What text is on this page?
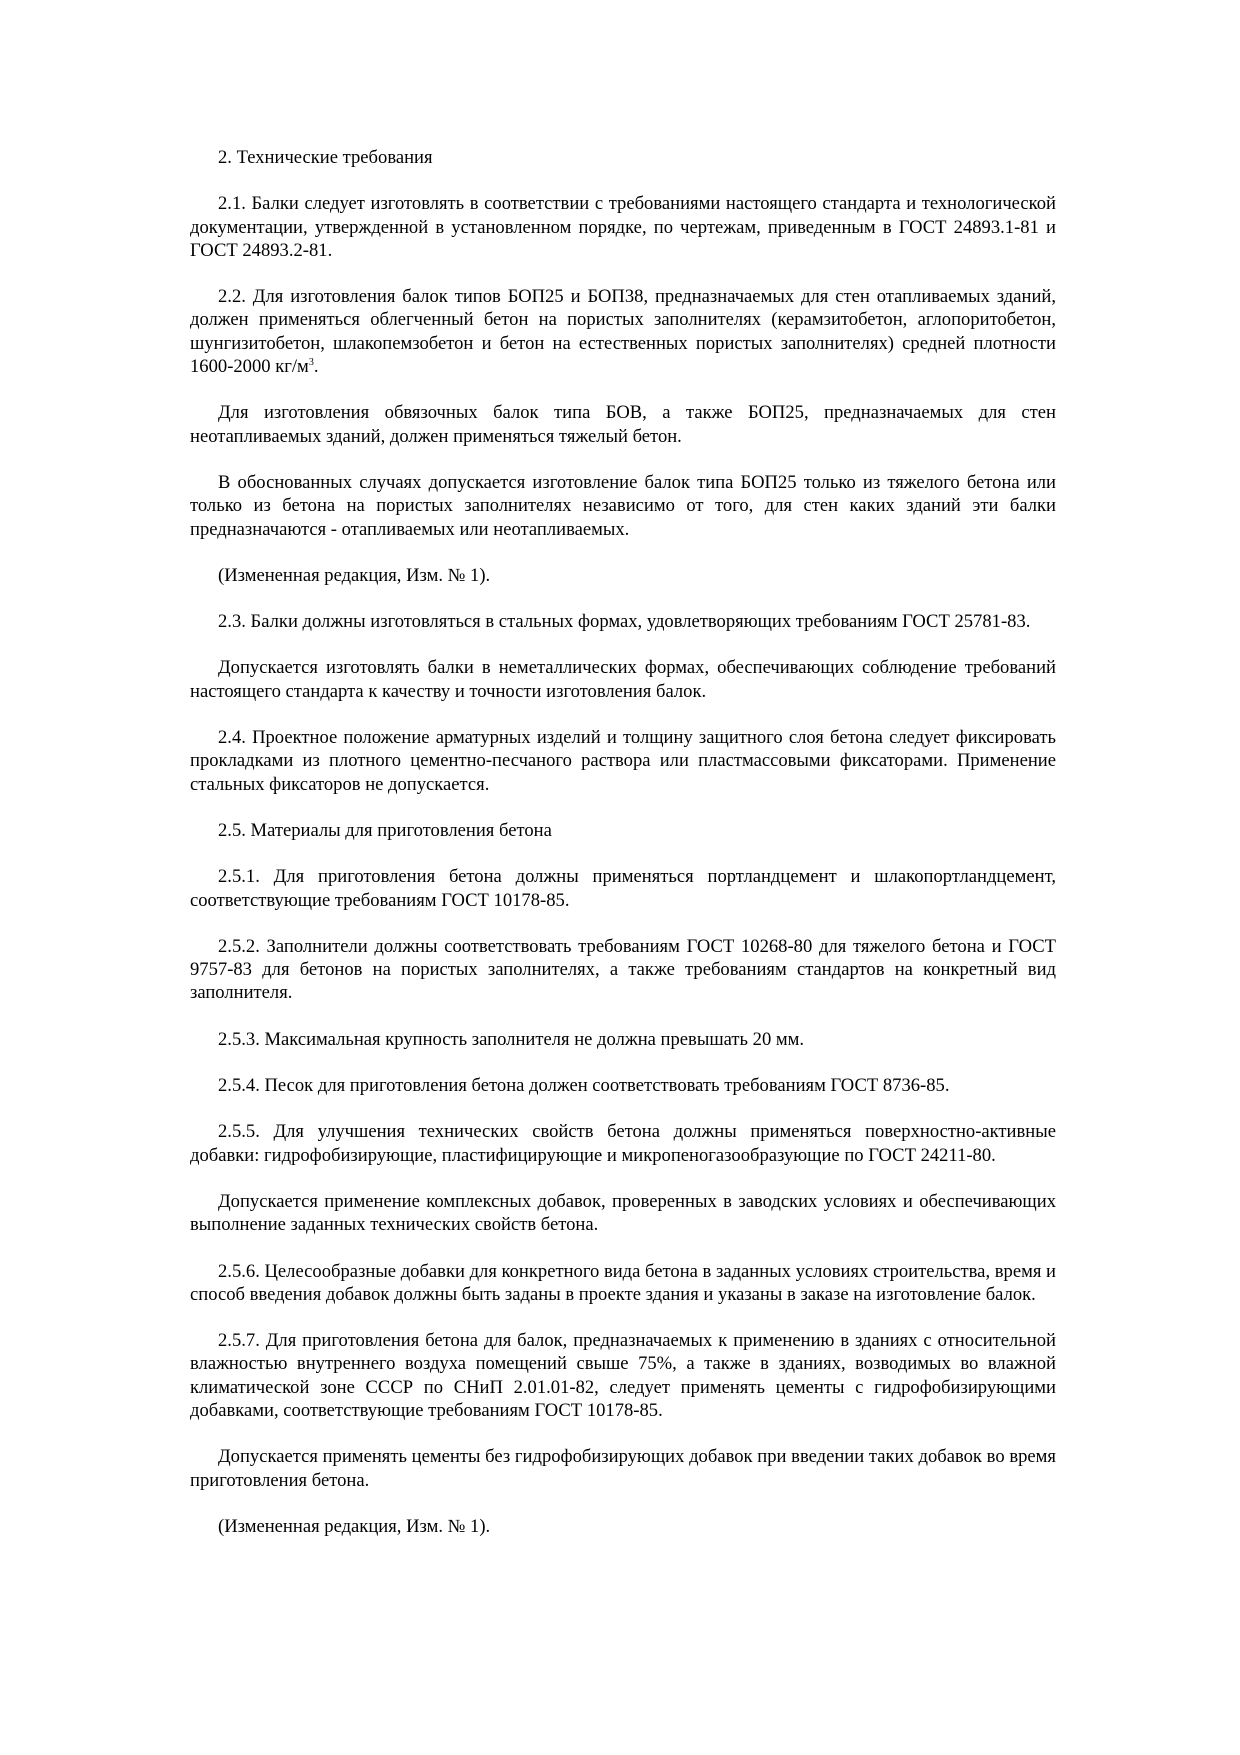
2. Технические требования

2.1. Балки следует изготовлять в соответствии с требованиями настоящего стандарта и технологической документации, утвержденной в установленном порядке, по чертежам, приведенным в ГОСТ 24893.1-81 и ГОСТ 24893.2-81.

2.2. Для изготовления балок типов БОП25 и БОП38, предназначаемых для стен отапливаемых зданий, должен применяться облегченный бетон на пористых заполнителях (керамзитобетон, аглопоритобетон, шунгизитобетон, шлакопемзобетон и бетон на естественных пористых заполнителях) средней плотности 1600-2000 $кг/м^3$.

Для изготовления обвязочных балок типа БОВ, а также БОП25, предназначаемых для стен неотапливаемых зданий, должен применяться тяжелый бетон.

В обоснованных случаях допускается изготовление балок типа БОП25 только из тяжелого бетона или только из бетона на пористых заполнителях независимо от того, для стен каких зданий эти балки предназначаются - отапливаемых или неотапливаемых.

(Измененная редакция, Изм. № 1).

2.3. Балки должны изготовляться в стальных формах, удовлетворяющих требованиям ГОСТ 25781-83.

Допускается изготовлять балки в неметаллических формах, обеспечивающих соблюдение требований настоящего стандарта к качеству и точности изготовления балок.

2.4. Проектное положение арматурных изделий и толщину защитного слоя бетона следует фиксировать прокладками из плотного цементно-песчаного раствора или пластмассовыми фиксаторами. Применение стальных фиксаторов не допускается.

2.5. Материалы для приготовления бетона

2.5.1. Для приготовления бетона должны применяться портландцемент и шлакопортландцемент, соответствующие требованиям ГОСТ 10178-85.

2.5.2. Заполнители должны соответствовать требованиям ГОСТ 10268-80 для тяжелого бетона и ГОСТ 9757-83 для бетонов на пористых заполнителях, а также требованиям стандартов на конкретный вид заполнителя.

2.5.3. Максимальная крупность заполнителя не должна превышать 20 мм.

2.5.4. Песок для приготовления бетона должен соответствовать требованиям ГОСТ 8736-85.

2.5.5. Для улучшения технических свойств бетона должны применяться поверхностно-активные добавки: гидрофобизирующие, пластифицирующие и микропеногазообразующие по ГОСТ 24211-80.

Допускается применение комплексных добавок, проверенных в заводских условиях и обеспечивающих выполнение заданных технических свойств бетона.

2.5.6. Целесообразные добавки для конкретного вида бетона в заданных условиях строительства, время и способ введения добавок должны быть заданы в проекте здания и указаны в заказе на изготовление балок.

2.5.7. Для приготовления бетона для балок, предназначаемых к применению в зданиях с относительной влажностью внутреннего воздуха помещений свыше 75%, а также в зданиях, возводимых во влажной климатической зоне СССР по СНиП 2.01.01-82, следует применять цементы с гидрофобизирующими добавками, соответствующие требованиям ГОСТ 10178-85.

Допускается применять цементы без гидрофобизирующих добавок при введении таких добавок во время приготовления бетона.

(Измененная редакция, Изм. № 1).
